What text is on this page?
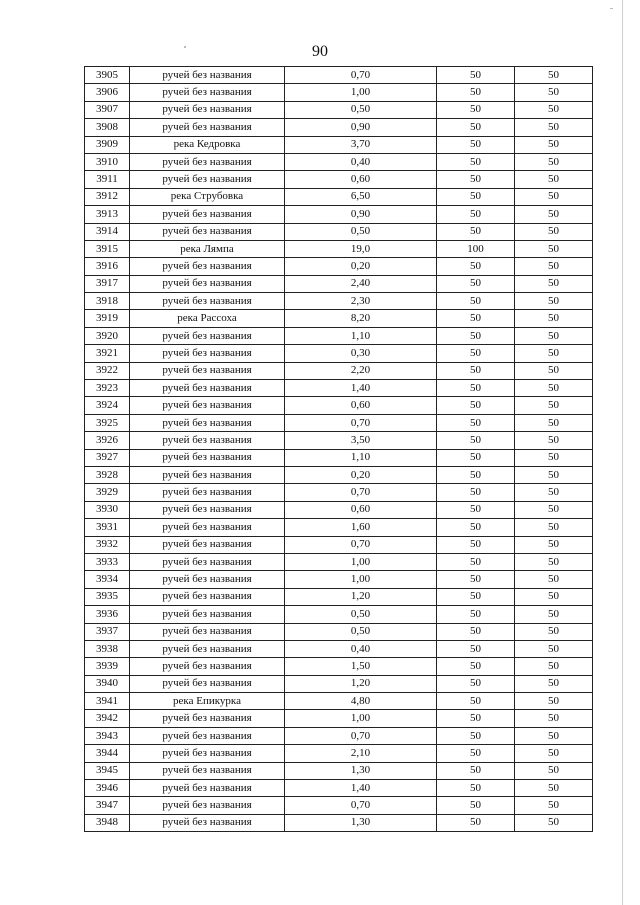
90
3905	ручей без названия	0,70	50	50
3906	ручей без названия	1,00	50	50
3907	ручей без названия	0,50	50	50
3908	ручей без названия	0,90	50	50
3909	река Кедровка	3,70	50	50
3910	ручей без названия	0,40	50	50
3911	ручей без названия	0,60	50	50
3912	река Струбовка	6,50	50	50
3913	ручей без названия	0,90	50	50
3914	ручей без названия	0,50	50	50
3915	река Лямпа	19,0	100	50
3916	ручей без названия	0,20	50	50
3917	ручей без названия	2,40	50	50
3918	ручей без названия	2,30	50	50
3919	река Рассоха	8,20	50	50
3920	ручей без названия	1,10	50	50
3921	ручей без названия	0,30	50	50
3922	ручей без названия	2,20	50	50
3923	ручей без названия	1,40	50	50
3924	ручей без названия	0,60	50	50
3925	ручей без названия	0,70	50	50
3926	ручей без названия	3,50	50	50
3927	ручей без названия	1,10	50	50
3928	ручей без названия	0,20	50	50
3929	ручей без названия	0,70	50	50
3930	ручей без названия	0,60	50	50
3931	ручей без названия	1,60	50	50
3932	ручей без названия	0,70	50	50
3933	ручей без названия	1,00	50	50
3934	ручей без названия	1,00	50	50
3935	ручей без названия	1,20	50	50
3936	ручей без названия	0,50	50	50
3937	ручей без названия	0,50	50	50
3938	ручей без названия	0,40	50	50
3939	ручей без названия	1,50	50	50
3940	ручей без названия	1,20	50	50
3941	река Епикурка	4,80	50	50
3942	ручей без названия	1,00	50	50
3943	ручей без названия	0,70	50	50
3944	ручей без названия	2,10	50	50
3945	ручей без названия	1,30	50	50
3946	ручей без названия	1,40	50	50
3947	ручей без названия	0,70	50	50
3948	ручей без названия	1,30	50	50
